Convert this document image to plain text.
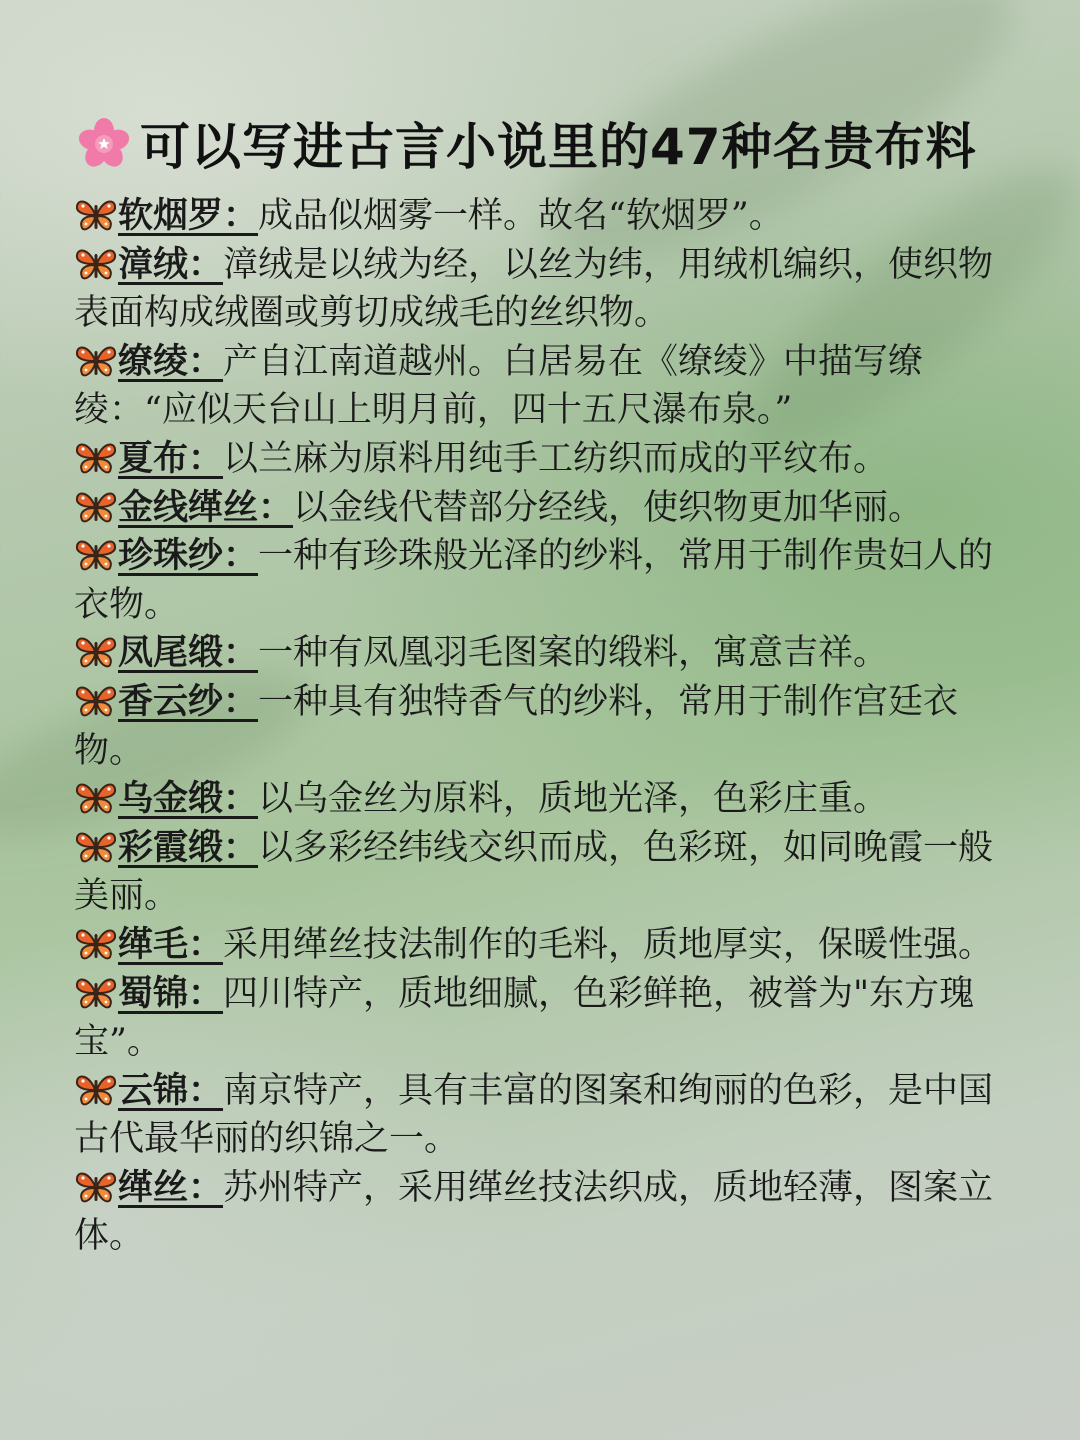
可以写进古言小说里的47种名贵布料

软烟罗：成品似烟雾一样。故名“软烟罗”。

漳绒：漳绒是以绒为经，以丝为纬，用绒机编织，使织物表面构成绒圈或剪切成绒毛的丝织物。

缭绫：产自江南道越州。白居易在《缭绫》中描写缭绫：“应似天台山上明月前，四十五尺瀑布泉。”

夏布：以兰麻为原料用纯手工纺织而成的平纹布。

金线缂丝：以金线代替部分经线，使织物更加华丽。

珍珠纱：一种有珍珠般光泽的纱料，常用于制作贵妇人的衣物。

凤尾缎：一种有凤凰羽毛图案的缎料，寓意吉祥。

香云纱：一种具有独特香气的纱料，常用于制作宫廷衣物。

乌金缎：以乌金丝为原料，质地光泽，色彩庄重。

彩霞缎：以多彩经纬线交织而成，色彩斑，如同晚霞一般美丽。

缂毛：采用缂丝技法制作的毛料，质地厚实，保暖性强。

蜀锦：四川特产，质地细腻，色彩鲜艳，被誉为"东方瑰宝”。

云锦：南京特产，具有丰富的图案和绚丽的色彩，是中国古代最华丽的织锦之一。

缂丝：苏州特产，采用缂丝技法织成，质地轻薄，图案立体。
